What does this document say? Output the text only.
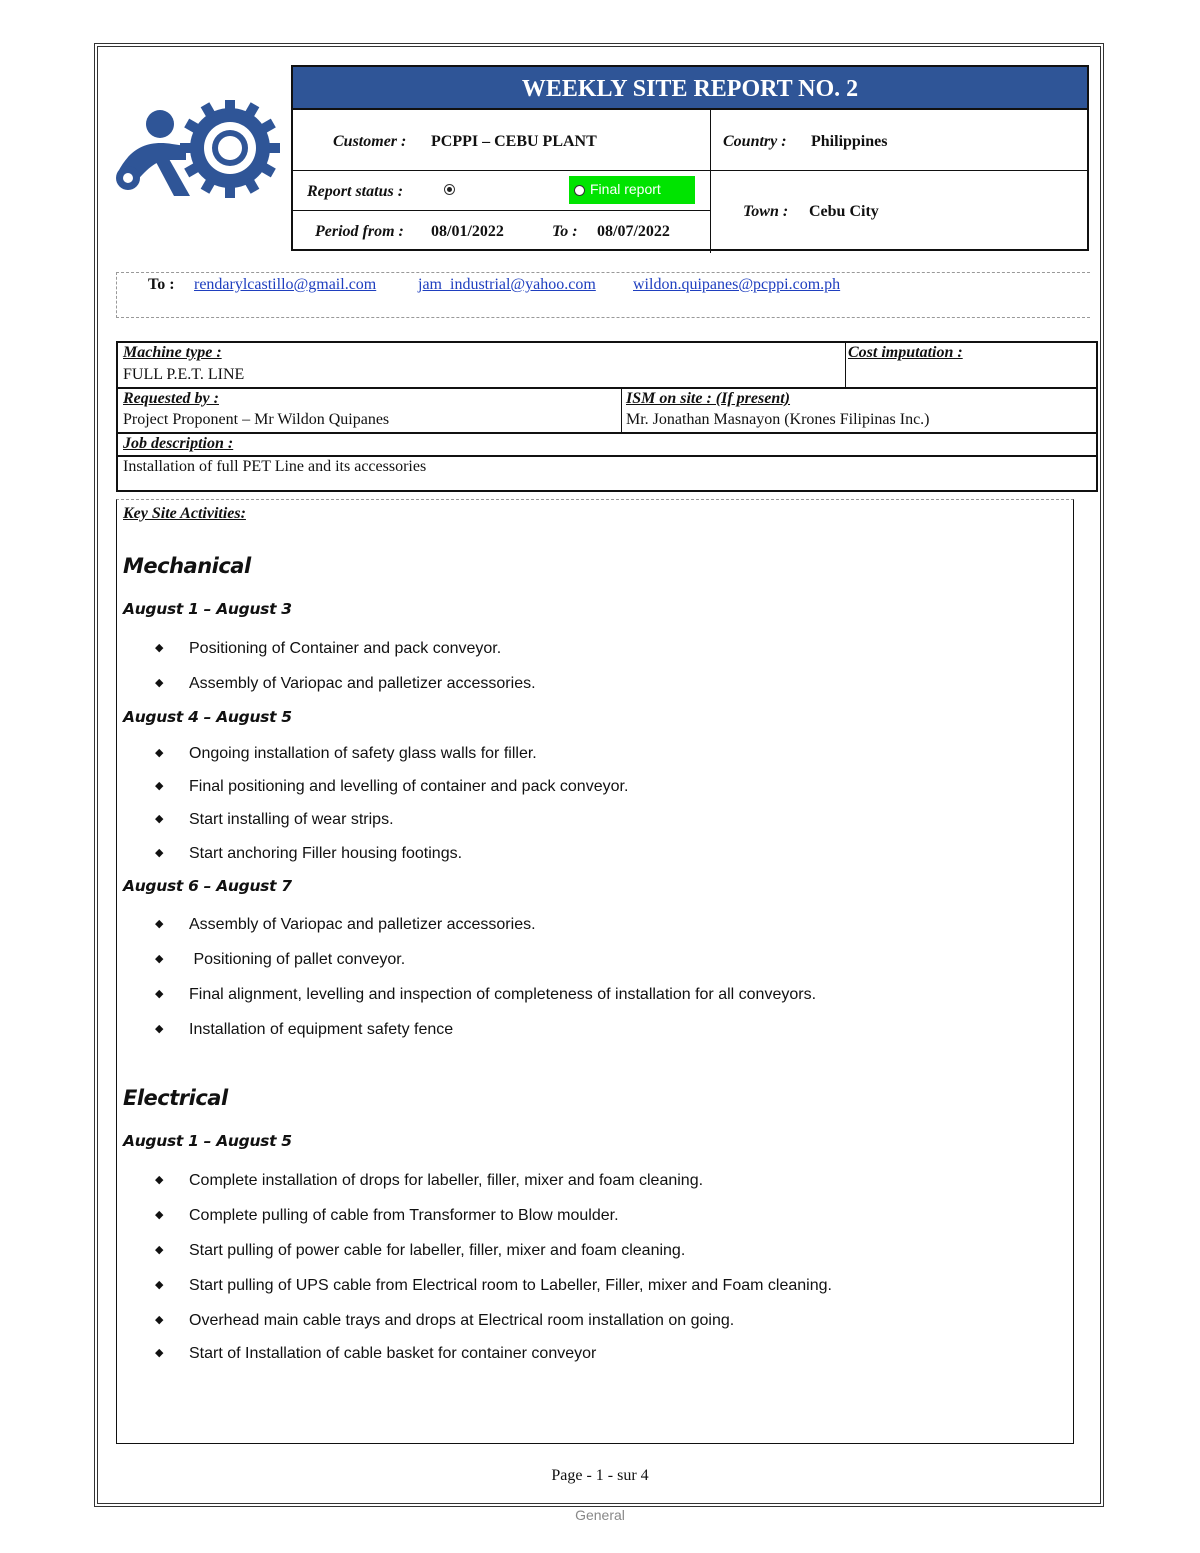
WEEKLY SITE REPORT NO. 2
Customer : PCPPI – CEBU PLANT	Country : Philippines
Report status :	Final report
Period from : 08/01/2022	To : 08/07/2022
Town : Cebu City
To : rendarylcastillo@gmail.com	jam_industrial@yahoo.com wildon.quipanes@pcppi.com.ph
Machine type :
FULL P.E.T. LINE
Cost imputation :
Requested by :
Project Proponent – Mr Wildon Quipanes
ISM on site : (If present)
Mr. Jonathan Masnayon (Krones Filipinas Inc.)
Job description :
Installation of full PET Line and its accessories
Key Site Activities:
Mechanical
August 1 – August 3
◆ Positioning of Container and pack conveyor.
◆ Assembly of Variopac and palletizer accessories.
August 4 – August 5
◆ Ongoing installation of safety glass walls for filler.
◆ Final positioning and levelling of container and pack conveyor.
◆ Start installing of wear strips.
◆ Start anchoring Filler housing footings.
August 6 – August 7
◆ Assembly of Variopac and palletizer accessories.
◆ Positioning of pallet conveyor.
◆ Final alignment, levelling and inspection of completeness of installation for all conveyors.
◆ Installation of equipment safety fence
Electrical
August 1 – August 5
◆ Complete installation of drops for labeller, filler, mixer and foam cleaning.
◆ Complete pulling of cable from Transformer to Blow moulder.
◆ Start pulling of power cable for labeller, filler, mixer and foam cleaning.
◆ Start pulling of UPS cable from Electrical room to Labeller, Filler, mixer and Foam cleaning.
◆ Overhead main cable trays and drops at Electrical room installation on going.
◆ Start of Installation of cable basket for container conveyor
Page - 1 - sur 4
General
